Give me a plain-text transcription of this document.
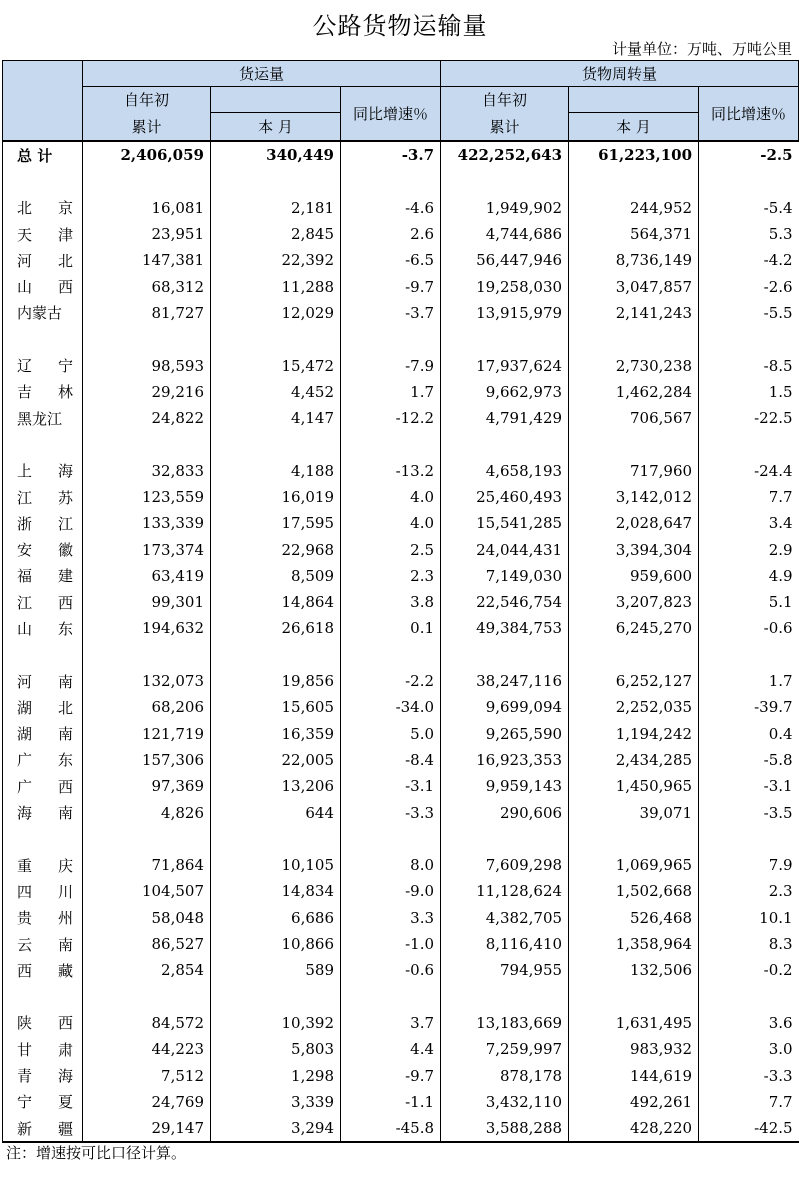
公路货物运输量
计量单位：万吨、万吨公里
	货运量			货物周转量		
	自年初		同比增速％	自年初		同比增速％
	累计	本 月		累计	本 月	
总 计	2,406,059	340,449	-3.7	422,252,643	61,223,100	-2.5

北京	16,081	2,181	-4.6	1,949,902	244,952	-5.4
天津	23,951	2,845	2.6	4,744,686	564,371	5.3
河北	147,381	22,392	-6.5	56,447,946	8,736,149	-4.2
山西	68,312	11,288	-9.7	19,258,030	3,047,857	-2.6
内蒙古	81,727	12,029	-3.7	13,915,979	2,141,243	-5.5

辽宁	98,593	15,472	-7.9	17,937,624	2,730,238	-8.5
吉林	29,216	4,452	1.7	9,662,973	1,462,284	1.5
黑龙江	24,822	4,147	-12.2	4,791,429	706,567	-22.5

上海	32,833	4,188	-13.2	4,658,193	717,960	-24.4
江苏	123,559	16,019	4.0	25,460,493	3,142,012	7.7
浙江	133,339	17,595	4.0	15,541,285	2,028,647	3.4
安徽	173,374	22,968	2.5	24,044,431	3,394,304	2.9
福建	63,419	8,509	2.3	7,149,030	959,600	4.9
江西	99,301	14,864	3.8	22,546,754	3,207,823	5.1
山东	194,632	26,618	0.1	49,384,753	6,245,270	-0.6

河南	132,073	19,856	-2.2	38,247,116	6,252,127	1.7
湖北	68,206	15,605	-34.0	9,699,094	2,252,035	-39.7
湖南	121,719	16,359	5.0	9,265,590	1,194,242	0.4
广东	157,306	22,005	-8.4	16,923,353	2,434,285	-5.8
广西	97,369	13,206	-3.1	9,959,143	1,450,965	-3.1
海南	4,826	644	-3.3	290,606	39,071	-3.5

重庆	71,864	10,105	8.0	7,609,298	1,069,965	7.9
四川	104,507	14,834	-9.0	11,128,624	1,502,668	2.3
贵州	58,048	6,686	3.3	4,382,705	526,468	10.1
云南	86,527	10,866	-1.0	8,116,410	1,358,964	8.3
西藏	2,854	589	-0.6	794,955	132,506	-0.2

陕西	84,572	10,392	3.7	13,183,669	1,631,495	3.6
甘肃	44,223	5,803	4.4	7,259,997	983,932	3.0
青海	7,512	1,298	-9.7	878,178	144,619	-3.3
宁夏	24,769	3,339	-1.1	3,432,110	492,261	7.7
新疆	29,147	3,294	-45.8	3,588,288	428,220	-42.5
注：增速按可比口径计算。
